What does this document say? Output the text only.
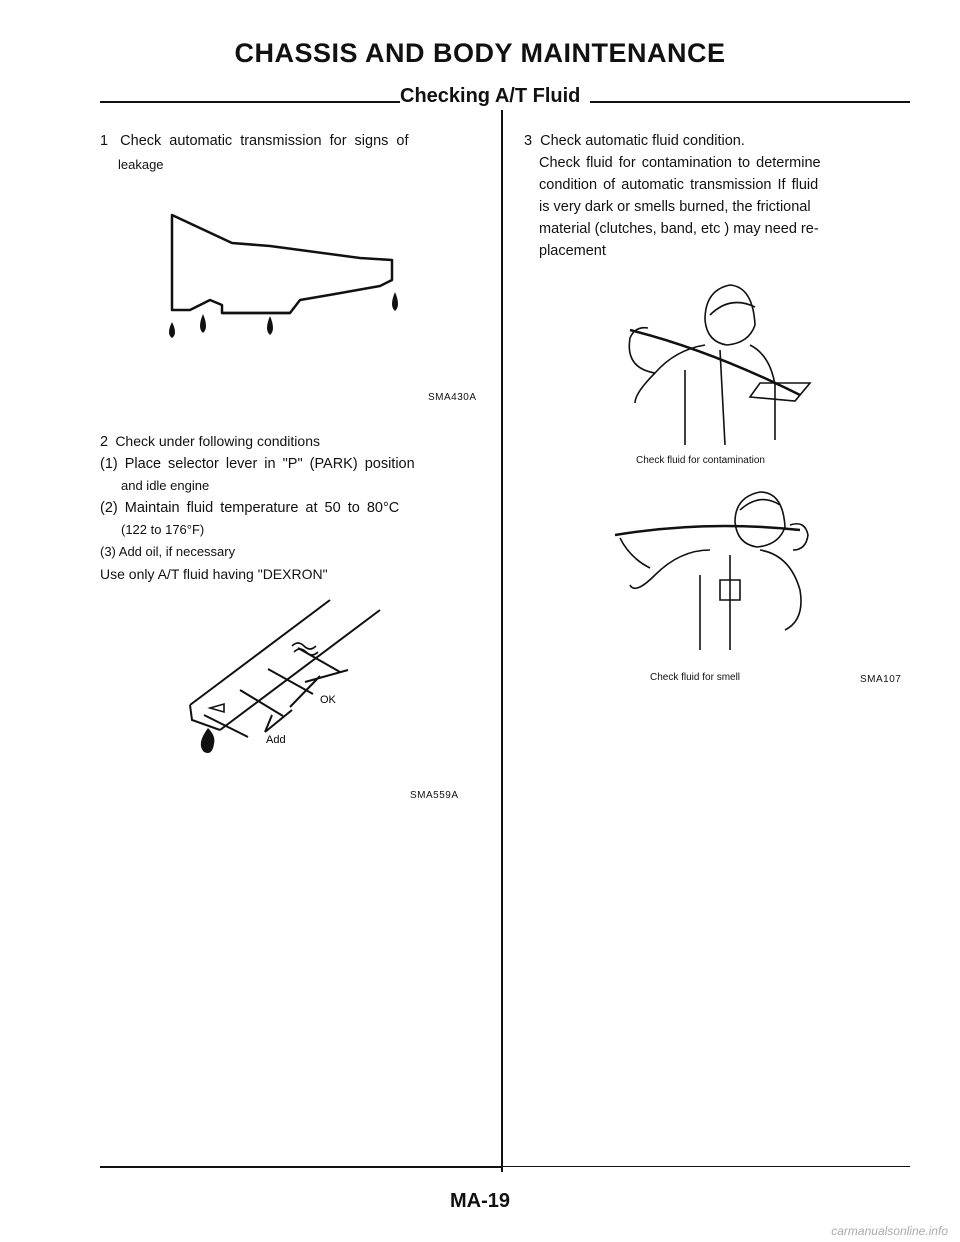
CHASSIS AND BODY MAINTENANCE
Checking A/T Fluid
1 Check automatic transmission for signs of
leakage
SMA430A
2 Check under following conditions
(1) Place selector lever in "P" (PARK) position
and idle engine
(2) Maintain fluid temperature at 50 to 80°C
(122 to 176°F)
(3) Add oil, if necessary
Use only A/T fluid having "DEXRON"
OK
Add
SMA559A
3 Check automatic fluid condition.
Check fluid for contamination to determine
condition of automatic transmission If fluid
is very dark or smells burned, the frictional
material (clutches, band, etc ) may need re-
placement
Check fluid for contamination
Check fluid for smell	SMA107
MA-19
carmanualsonline.info
